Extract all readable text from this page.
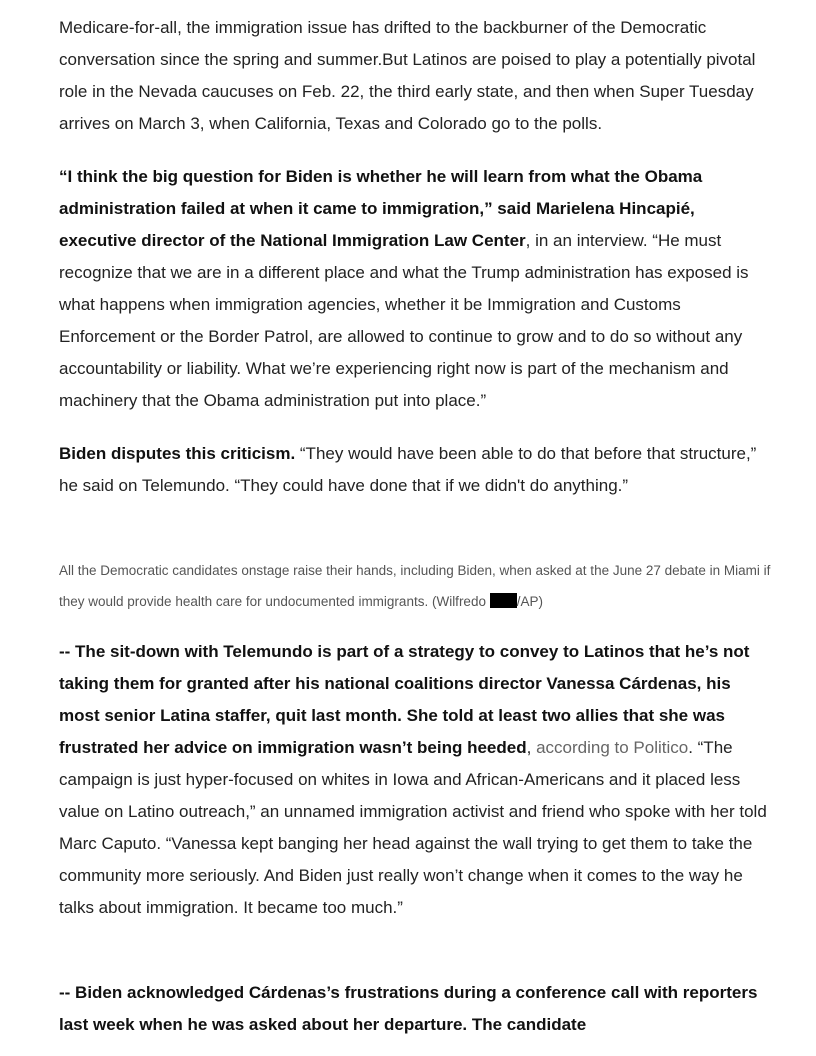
Medicare-for-all, the immigration issue has drifted to the backburner of the Democratic conversation since the spring and summer.But Latinos are poised to play a potentially pivotal role in the Nevada caucuses on Feb. 22, the third early state, and then when Super Tuesday arrives on March 3, when California, Texas and Colorado go to the polls.

“I think the big question for Biden is whether he will learn from what the Obama administration failed at when it came to immigration,” said Marielena Hincapié, executive director of the National Immigration Law Center, in an interview. “He must recognize that we are in a different place and what the Trump administration has exposed is what happens when immigration agencies, whether it be Immigration and Customs Enforcement or the Border Patrol, are allowed to continue to grow and to do so without any accountability or liability. What we’re experiencing right now is part of the mechanism and machinery that the Obama administration put into place.”

Biden disputes this criticism. “They would have been able to do that before that structure,” he said on Telemundo. “They could have done that if we didn't do anything.”

All the Democratic candidates onstage raise their hands, including Biden, when asked at the June 27 debate in Miami if they would provide health care for undocumented immigrants. (Wilfredo /AP)

-- The sit-down with Telemundo is part of a strategy to convey to Latinos that he’s not taking them for granted after his national coalitions director Vanessa Cárdenas, his most senior Latina staffer, quit last month. She told at least two allies that she was frustrated her advice on immigration wasn’t being heeded, according to Politico. “The campaign is just hyper-focused on whites in Iowa and African-Americans and it placed less value on Latino outreach,” an unnamed immigration activist and friend who spoke with her told Marc Caputo. “Vanessa kept banging her head against the wall trying to get them to take the community more seriously. And Biden just really won’t change when it comes to the way he talks about immigration. It became too much.”

-- Biden acknowledged Cárdenas’s frustrations during a conference call with reporters last week when he was asked about her departure. The candidate
